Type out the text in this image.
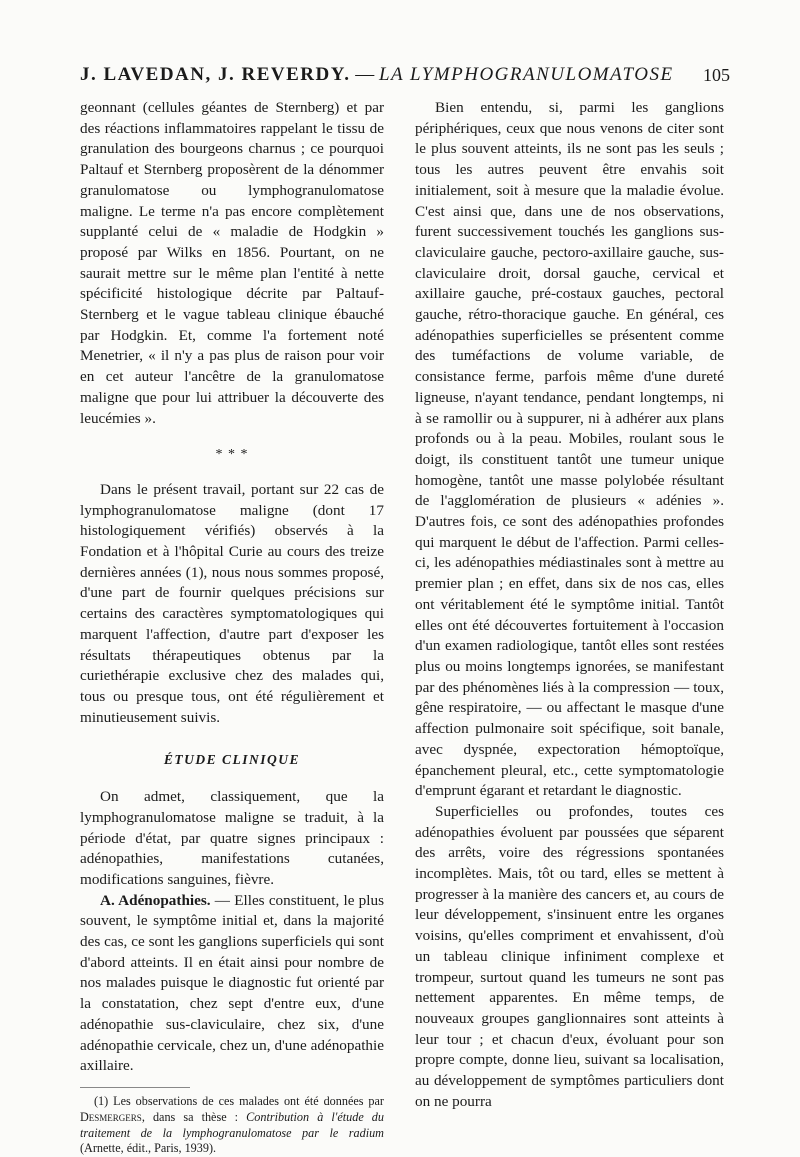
J. LAVEDAN, J. REVERDY. — LA LYMPHOGRANULOMATOSE 105

geonnant (cellules géantes de Sternberg) et par des réactions inflammatoires rappelant le tissu de granulation des bourgeons charnus ; ce pourquoi Paltauf et Sternberg proposèrent de la dénommer granulomatose ou lymphogranulomatose maligne. Le terme n'a pas encore complètement supplanté celui de « maladie de Hodgkin » proposé par Wilks en 1856. Pourtant, on ne saurait mettre sur le même plan l'entité à nette spécificité histologique décrite par Paltauf-Sternberg et le vague tableau clinique ébauché par Hodgkin. Et, comme l'a fortement noté Menetrier, « il n'y a pas plus de raison pour voir en cet auteur l'ancêtre de la granulomatose maligne que pour lui attribuer la découverte des leucémies ».

* * *

Dans le présent travail, portant sur 22 cas de lymphogranulomatose maligne (dont 17 histologiquement vérifiés) observés à la Fondation et à l'hôpital Curie au cours des treize dernières années (1), nous nous sommes proposé, d'une part de fournir quelques précisions sur certains des caractères symptomatologiques qui marquent l'affection, d'autre part d'exposer les résultats thérapeutiques obtenus par la curiethérapie exclusive chez des malades qui, tous ou presque tous, ont été régulièrement et minutieusement suivis.

ÉTUDE CLINIQUE

On admet, classiquement, que la lymphogranulomatose maligne se traduit, à la période d'état, par quatre signes principaux : adénopathies, manifestations cutanées, modifications sanguines, fièvre.

A. Adénopathies. — Elles constituent, le plus souvent, le symptôme initial et, dans la majorité des cas, ce sont les ganglions superficiels qui sont d'abord atteints. Il en était ainsi pour nombre de nos malades puisque le diagnostic fut orienté par la constatation, chez sept d'entre eux, d'une adénopathie sus-claviculaire, chez six, d'une adénopathie cervicale, chez un, d'une adénopathie axillaire.

(1) Les observations de ces malades ont été données par Desmergers, dans sa thèse : Contribution à l'étude du traitement de la lymphogranulomatose par le radium (Arnette, édit., Paris, 1939).

Bien entendu, si, parmi les ganglions périphériques, ceux que nous venons de citer sont le plus souvent atteints, ils ne sont pas les seuls ; tous les autres peuvent être envahis soit initialement, soit à mesure que la maladie évolue. C'est ainsi que, dans une de nos observations, furent successivement touchés les ganglions sus-claviculaire gauche, pectoro-axillaire gauche, sus-claviculaire droit, dorsal gauche, cervical et axillaire gauche, pré-costaux gauches, pectoral gauche, rétro-thoracique gauche. En général, ces adénopathies superficielles se présentent comme des tuméfactions de volume variable, de consistance ferme, parfois même d'une dureté ligneuse, n'ayant tendance, pendant longtemps, ni à se ramollir ou à suppurer, ni à adhérer aux plans profonds ou à la peau. Mobiles, roulant sous le doigt, ils constituent tantôt une tumeur unique homogène, tantôt une masse polylobée résultant de l'agglomération de plusieurs « adénies ». D'autres fois, ce sont des adénopathies profondes qui marquent le début de l'affection. Parmi celles-ci, les adénopathies médiastinales sont à mettre au premier plan ; en effet, dans six de nos cas, elles ont véritablement été le symptôme initial. Tantôt elles ont été découvertes fortuitement à l'occasion d'un examen radiologique, tantôt elles sont restées plus ou moins longtemps ignorées, se manifestant par des phénomènes liés à la compression — toux, gêne respiratoire, — ou affectant le masque d'une affection pulmonaire soit spécifique, soit banale, avec dyspnée, expectoration hémoptoïque, épanchement pleural, etc., cette symptomatologie d'emprunt égarant et retardant le diagnostic.

Superficielles ou profondes, toutes ces adénopathies évoluent par poussées que séparent des arrêts, voire des régressions spontanées incomplètes. Mais, tôt ou tard, elles se mettent à progresser à la manière des cancers et, au cours de leur développement, s'insinuent entre les organes voisins, qu'elles compriment et envahissent, d'où un tableau clinique infiniment complexe et trompeur, surtout quand les tumeurs ne sont pas nettement apparentes. En même temps, de nouveaux groupes ganglionnaires sont atteints à leur tour ; et chacun d'eux, évoluant pour son propre compte, donne lieu, suivant sa localisation, au développement de symptômes particuliers dont on ne pourra
